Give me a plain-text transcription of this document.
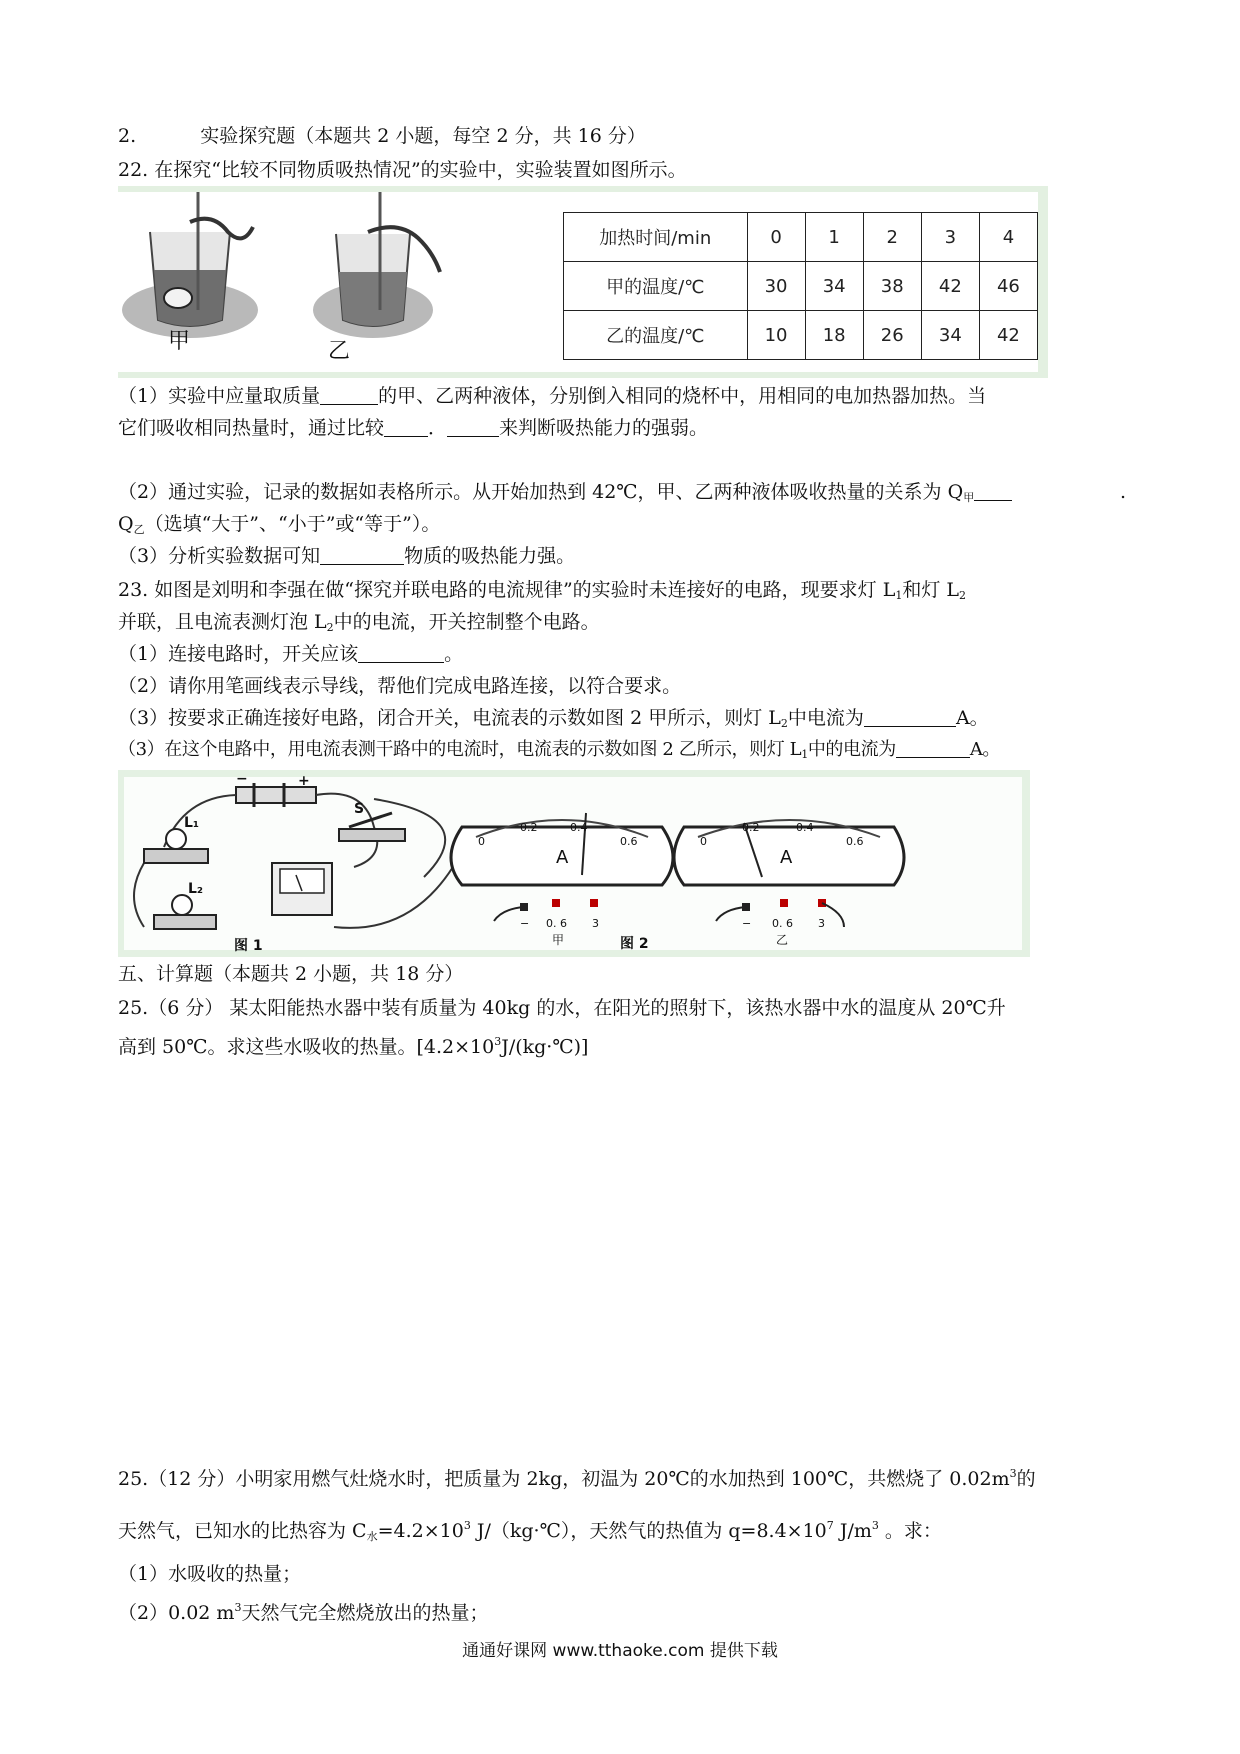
2.	实验探究题（本题共 2 小题，每空 2 分，共 16 分）
22. 在探究“比较不同物质吸热情况”的实验中，实验装置如图所示。
甲	乙
加热时间/min	0	1	2	3	4
甲的温度/℃	30	34	38	42	46
乙的温度/℃	10	18	26	34	42
（1）实验中应量取质量	的甲、乙两种液体，分别倒入相同的烧杯中，用相同的电加热器加热。当
它们吸收相同热量时，通过比较 ．	来判断吸热能力的强弱。
（2）通过实验，记录的数据如表格所示。从开始加热到 42℃，甲、乙两种液体吸收热量的关系为 $Q_甲$	.
$Q_乙$（选填“大于”、“小于”或“等于”）。
（3）分析实验数据可知	物质的吸热能力强。
23. 如图是刘明和李强在做“探究并联电路的电流规律”的实验时未连接好的电路，现要求灯 $L_1$和灯 $L_2$
并联，且电流表测灯泡 $L_2$中的电流，开关控制整个电路。
（1）连接电路时，开关应该	。
（2）请你用笔画线表示导线，帮他们完成电路连接，以符合要求。
（3）按要求正确连接好电路，闭合开关，电流表的示数如图 2 甲所示，则灯 $L_2$中电流为	A。
（3）在这个电路中，用电流表测干路中的电流时，电流表的示数如图 2 乙所示，则灯 $L_1$中的电流为	A。
L₁
L₂
S
+
−
0
0.2	0.4
0.6
A
− 0. 6 3
甲
0
0.2	0.4
0.6
A
− 0. 6 3
乙
图 1	图 2
五、计算题（本题共 2 小题，共 18 分）
25.（6 分） 某太阳能热水器中装有质量为 40kg 的水，在阳光的照射下，该热水器中水的温度从 20℃升
高到 50℃。求这些水吸收的热量。$[4.2\times 10^3J/(kg\cdot℃)]$
25.（12 分）小明家用燃气灶烧水时，把质量为 2kg，初温为 20℃的水加热到 100℃，共燃烧了 $0.02m^3$的
天然气，已知水的比热容为 $C_水=4.2\times 10^3$ J/（kg·℃），天然气的热值为 $q=8.4\times 10^7$ $J/m^3$ 。求：
（1）水吸收的热量；
（2）0.02 $m^3$天然气完全燃烧放出的热量；
通通好课网 www.tthaoke.com 提供下载
